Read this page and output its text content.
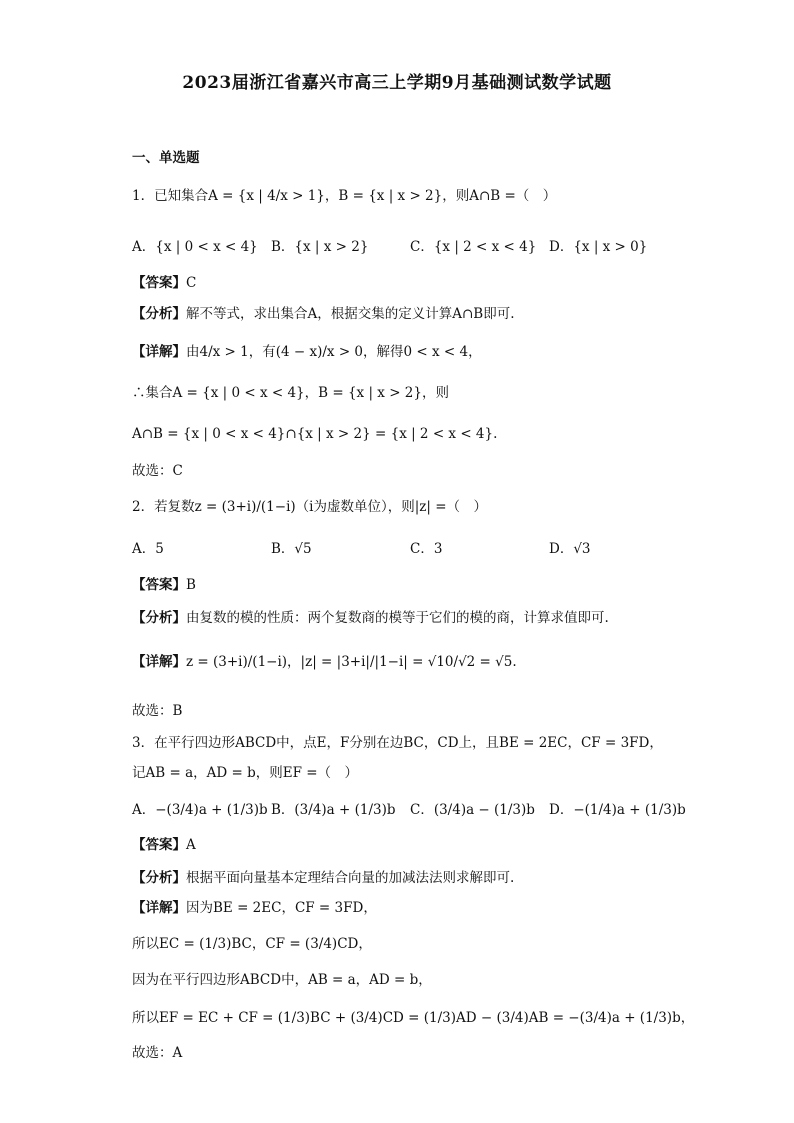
2023届浙江省嘉兴市高三上学期9月基础测试数学试题
一、单选题
1．已知集合A = {x | 4/x > 1}，B = {x | x > 2}，则A∩B =（　）
A．{x | 0 < x < 4} B．{x | x > 2}	C．{x | 2 < x < 4} D．{x | x > 0}
【答案】C
【分析】解不等式，求出集合A，根据交集的定义计算A∩B即可.
【详解】由4/x > 1，有(4 − x)/x > 0，解得0 < x < 4，
∴集合A = {x | 0 < x < 4}，B = {x | x > 2}，则
A∩B = {x | 0 < x < 4}∩{x | x > 2} = {x | 2 < x < 4}.
故选：C
2．若复数z = (3+i)/(1−i)（i为虚数单位），则|z| =（　）
A．5	B．√5	C．3	D．√3
【答案】B
【分析】由复数的模的性质：两个复数商的模等于它们的模的商，计算求值即可.
【详解】z = (3+i)/(1−i)，|z| = |3+i|/|1−i| = √10/√2 = √5.
故选：B
3．在平行四边形ABCD中，点E，F分别在边BC，CD上，且BE = 2EC，CF = 3FD，
记AB = a，AD = b，则EF =（　）
A．−(3/4)a + (1/3)b B．(3/4)a + (1/3)b C．(3/4)a − (1/3)b D．−(1/4)a + (1/3)b
【答案】A
【分析】根据平面向量基本定理结合向量的加减法法则求解即可.
【详解】因为BE = 2EC，CF = 3FD，
所以EC = (1/3)BC，CF = (3/4)CD，
因为在平行四边形ABCD中，AB = a，AD = b，
所以EF = EC + CF = (1/3)BC + (3/4)CD = (1/3)AD − (3/4)AB = −(3/4)a + (1/3)b，
故选：A
